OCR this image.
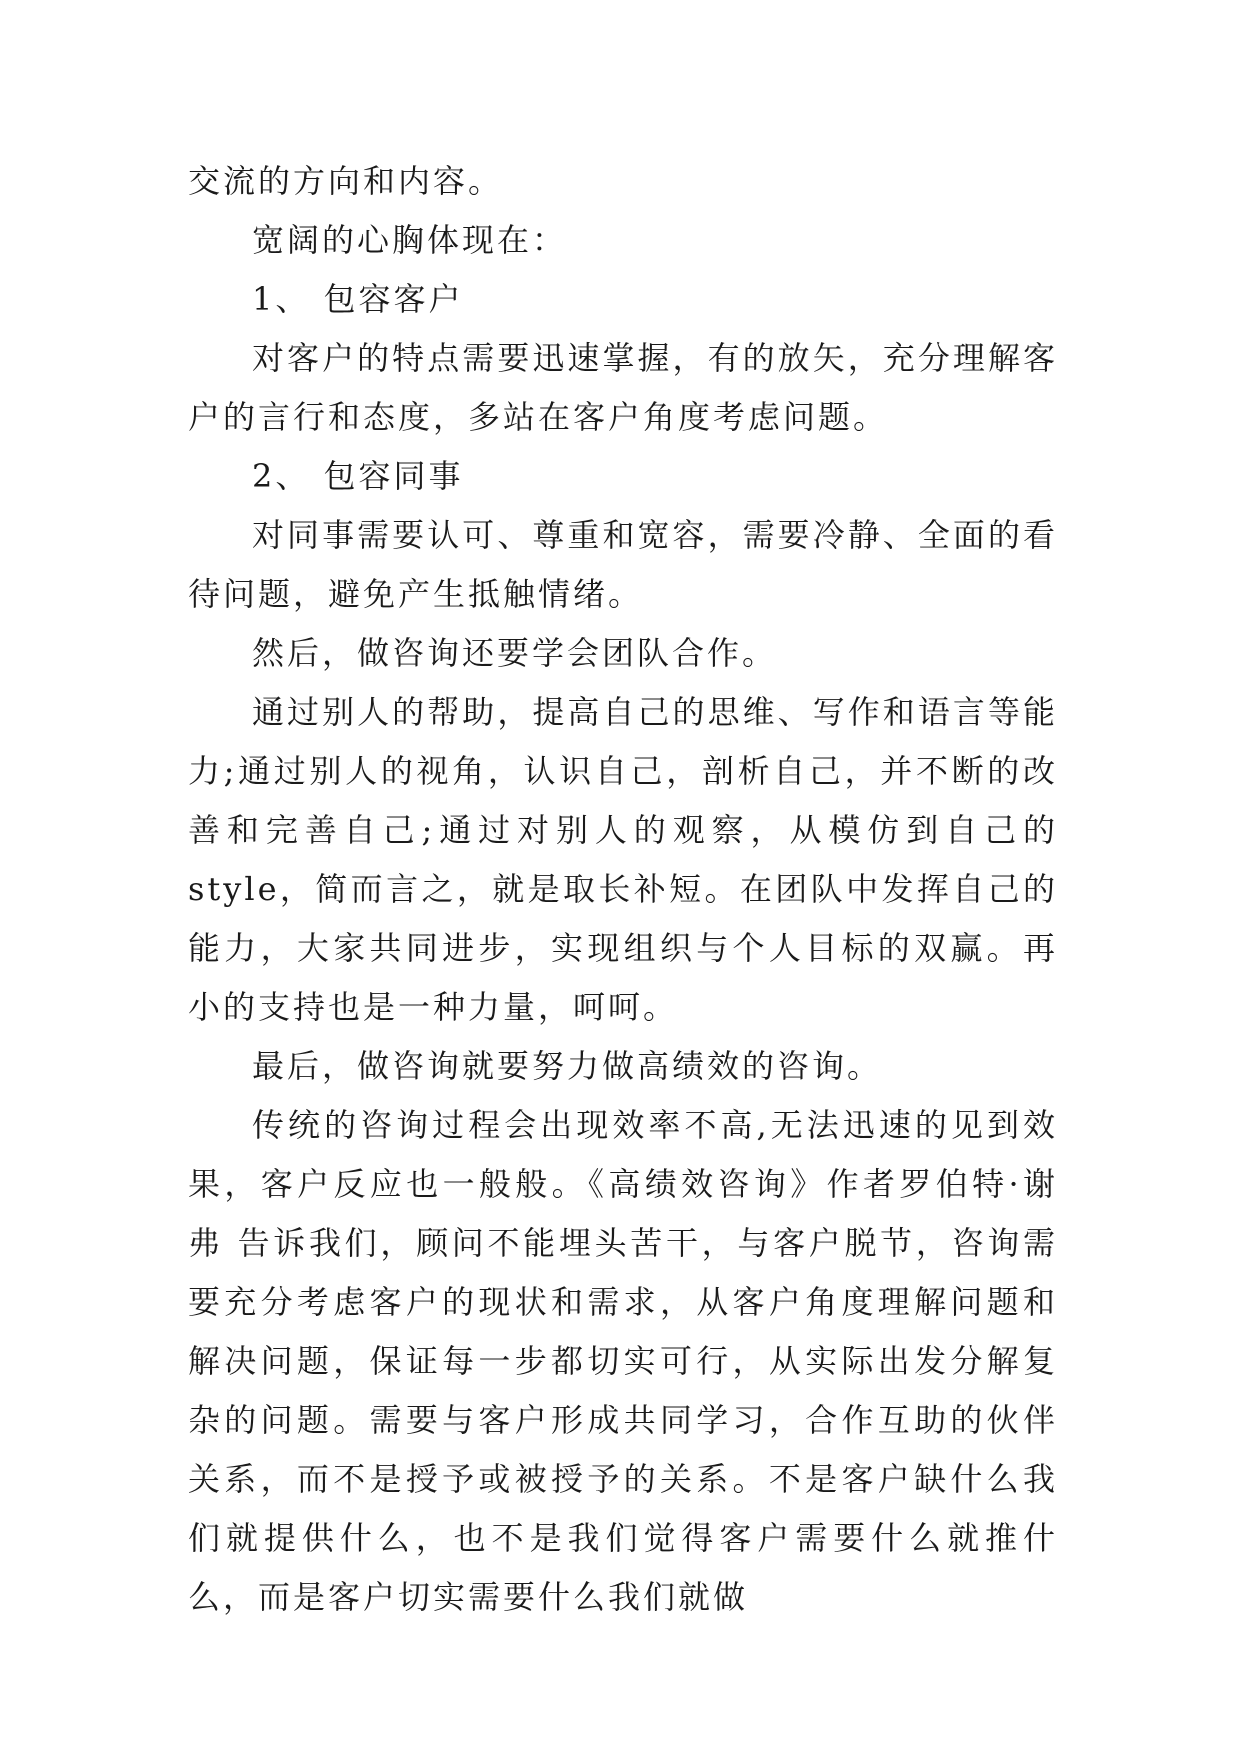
交流的方向和内容。

宽阔的心胸体现在：

1、 包容客户

对客户的特点需要迅速掌握，有的放矢，充分理解客户的言行和态度，多站在客户角度考虑问题。

2、 包容同事

对同事需要认可、尊重和宽容，需要冷静、全面的看待问题，避免产生抵触情绪。

然后，做咨询还要学会团队合作。

通过别人的帮助，提高自己的思维、写作和语言等能力;通过别人的视角，认识自己，剖析自己，并不断的改善和完善自己;通过对别人的观察，从模仿到自己的style，简而言之，就是取长补短。在团队中发挥自己的能力，大家共同进步，实现组织与个人目标的双赢。再小的支持也是一种力量，呵呵。

最后，做咨询就要努力做高绩效的咨询。

传统的咨询过程会出现效率不高,无法迅速的见到效果，客户反应也一般般。《高绩效咨询》作者罗伯特·谢弗 告诉我们，顾问不能埋头苦干，与客户脱节，咨询需要充分考虑客户的现状和需求，从客户角度理解问题和解决问题，保证每一步都切实可行，从实际出发分解复杂的问题。需要与客户形成共同学习，合作互助的伙伴关系，而不是授予或被授予的关系。不是客户缺什么我们就提供什么，也不是我们觉得客户需要什么就推什么，而是客户切实需要什么我们就做
